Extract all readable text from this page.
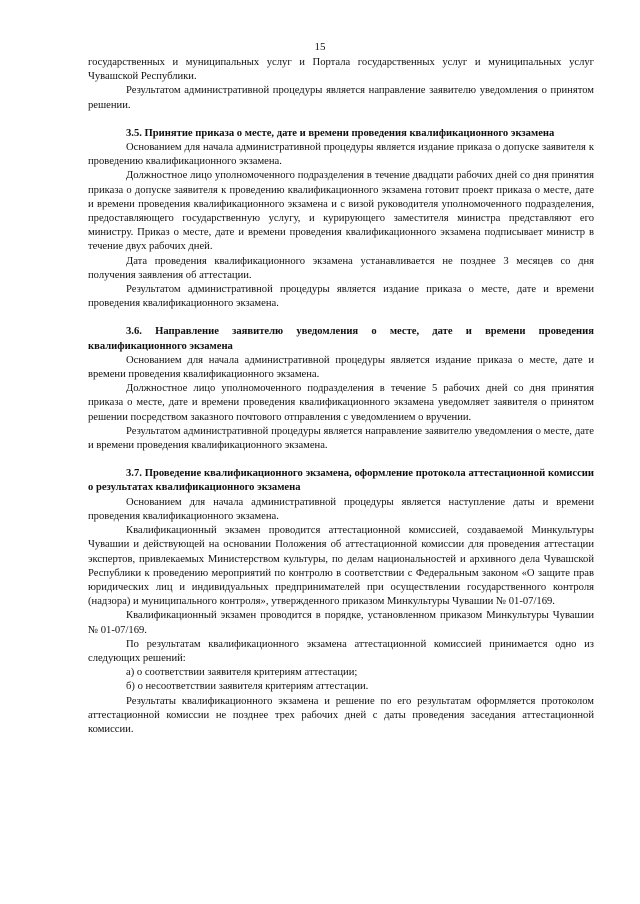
15

государственных и муниципальных услуг и Портала государственных услуг и муниципальных услуг Чувашской Республики.

Результатом административной процедуры является направление заявителю уведомления о принятом решении.

3.5. Принятие приказа о месте, дате и времени проведения квалификационного экзамена

Основанием для начала административной процедуры является издание приказа о допуске заявителя к проведению квалификационного экзамена.

Должностное лицо уполномоченного подразделения в течение двадцати рабочих дней со дня принятия приказа о допуске заявителя к проведению квалификационного экзамена готовит проект приказа о месте, дате и времени проведения квалификационного экзамена и с визой руководителя уполномоченного подразделения, предоставляющего государственную услугу, и курирующего заместителя министра представляют его министру. Приказ о месте, дате и времени проведения квалификационного экзамена подписывает министр в течение двух рабочих дней.

Дата проведения квалификационного экзамена устанавливается не позднее 3 месяцев со дня получения заявления об аттестации.

Результатом административной процедуры является издание приказа о месте, дате и времени проведения квалификационного экзамена.

3.6. Направление заявителю уведомления о месте, дате и времени проведения квалификационного экзамена

Основанием для начала административной процедуры является издание приказа о месте, дате и времени проведения квалификационного экзамена.

Должностное лицо уполномоченного подразделения в течение 5 рабочих дней со дня принятия приказа о месте, дате и времени проведения квалификационного экзамена уведомляет заявителя о принятом решении посредством заказного почтового отправления с уведомлением о вручении.

Результатом административной процедуры является направление заявителю уведомления о месте, дате и времени проведения квалификационного экзамена.

3.7. Проведение квалификационного экзамена, оформление протокола аттестационной комиссии о результатах квалификационного экзамена

Основанием для начала административной процедуры является наступление даты и времени проведения квалификационного экзамена.

Квалификационный экзамен проводится аттестационной комиссией, создаваемой Минкультуры Чувашии и действующей на основании Положения об аттестационной комиссии для проведения аттестации экспертов, привлекаемых Министерством культуры, по делам национальностей и архивного дела Чувашской Республики к проведению мероприятий по контролю в соответствии с Федеральным законом «О защите прав юридических лиц и индивидуальных предпринимателей при осуществлении государственного контроля (надзора) и муниципального контроля», утвержденного приказом Минкультуры Чувашии № 01-07/169.

Квалификационный экзамен проводится в порядке, установленном приказом Минкультуры Чувашии № 01-07/169.

По результатам квалификационного экзамена аттестационной комиссией принимается одно из следующих решений:

а) о соответствии заявителя критериям аттестации;

б) о несоответствии заявителя критериям аттестации.

Результаты квалификационного экзамена и решение по его результатам оформляется протоколом аттестационной комиссии не позднее трех рабочих дней с даты проведения заседания аттестационной комиссии.
